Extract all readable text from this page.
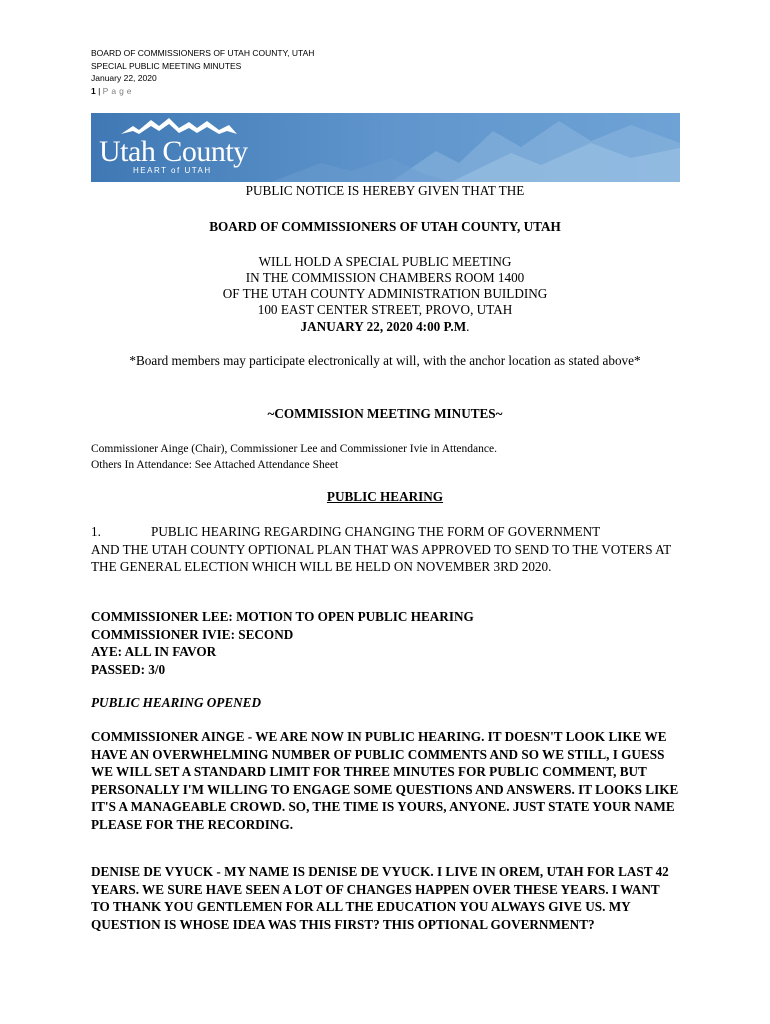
BOARD OF COMMISSIONERS OF UTAH COUNTY, UTAH
SPECIAL PUBLIC MEETING MINUTES
January 22, 2020
1 | Page
Utah County
HEART of UTAH
PUBLIC NOTICE IS HEREBY GIVEN THAT THE
BOARD OF COMMISSIONERS OF UTAH COUNTY, UTAH
WILL HOLD A SPECIAL PUBLIC MEETING
IN THE COMMISSION CHAMBERS ROOM 1400
OF THE UTAH COUNTY ADMINISTRATION BUILDING
100 EAST CENTER STREET, PROVO, UTAH
JANUARY 22, 2020 4:00 P.M.
*Board members may participate electronically at will, with the anchor location as stated above*
~COMMISSION MEETING MINUTES~
Commissioner Ainge (Chair), Commissioner Lee and Commissioner Ivie in Attendance.
Others In Attendance: See Attached Attendance Sheet
PUBLIC HEARING
1.	PUBLIC HEARING REGARDING CHANGING THE FORM OF GOVERNMENT
AND THE UTAH COUNTY OPTIONAL PLAN THAT WAS APPROVED TO SEND TO THE VOTERS AT THE GENERAL ELECTION WHICH WILL BE HELD ON NOVEMBER 3RD 2020.
COMMISSIONER LEE: MOTION TO OPEN PUBLIC HEARING
COMMISSIONER IVIE: SECOND
AYE: ALL IN FAVOR
PASSED: 3/0
PUBLIC HEARING OPENED
COMMISSIONER AINGE - WE ARE NOW IN PUBLIC HEARING. IT DOESN'T LOOK LIKE WE HAVE AN OVERWHELMING NUMBER OF PUBLIC COMMENTS AND SO WE STILL, I GUESS WE WILL SET A STANDARD LIMIT FOR THREE MINUTES FOR PUBLIC COMMENT, BUT PERSONALLY I'M WILLING TO ENGAGE SOME QUESTIONS AND ANSWERS. IT LOOKS LIKE IT'S A MANAGEABLE CROWD. SO, THE TIME IS YOURS, ANYONE. JUST STATE YOUR NAME PLEASE FOR THE RECORDING.
DENISE DE VYUCK - MY NAME IS DENISE DE VYUCK. I LIVE IN OREM, UTAH FOR LAST 42 YEARS. WE SURE HAVE SEEN A LOT OF CHANGES HAPPEN OVER THESE YEARS. I WANT TO THANK YOU GENTLEMEN FOR ALL THE EDUCATION YOU ALWAYS GIVE US. MY QUESTION IS WHOSE IDEA WAS THIS FIRST? THIS OPTIONAL GOVERNMENT?
